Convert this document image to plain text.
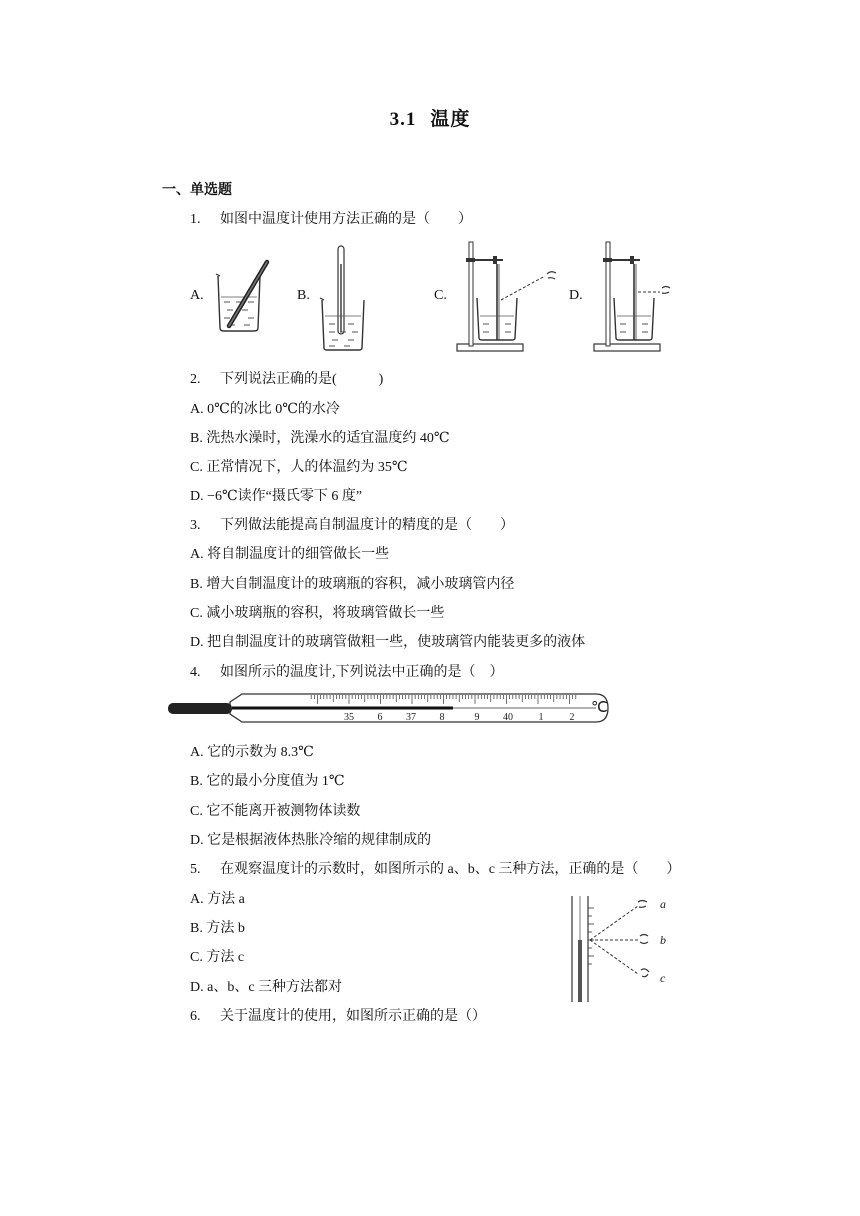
3.1 温度
一、单选题
1. 如图中温度计使用方法正确的是（　　）
A.	B.	C.	D.
2. 下列说法正确的是(　　　)
A. 0℃的冰比 0℃的水冷
B. 洗热水澡时，洗澡水的适宜温度约 40℃
C. 正常情况下，人的体温约为 35℃
D. −6℃读作“摄氏零下 6 度”
3. 下列做法能提高自制温度计的精度的是（　　）
A. 将自制温度计的细管做长一些
B. 增大自制温度计的玻璃瓶的容积，减小玻璃管内径
C. 减小玻璃瓶的容积，将玻璃管做长一些
D. 把自制温度计的玻璃管做粗一些，使玻璃管内能装更多的液体
4. 如图所示的温度计,下列说法中正确的是（　）
35 6 37 8	9 40	1	2
℃
A. 它的示数为 8.3℃
B. 它的最小分度值为 1℃
C. 它不能离开被测物体读数
D. 它是根据液体热胀冷缩的规律制成的
5. 在观察温度计的示数时，如图所示的 a、b、c 三种方法，正确的是（　　）
A. 方法 a
B. 方法 b
C. 方法 c
D. a、b、c 三种方法都对
a
b
c
6. 关于温度计的使用，如图所示正确的是（）
